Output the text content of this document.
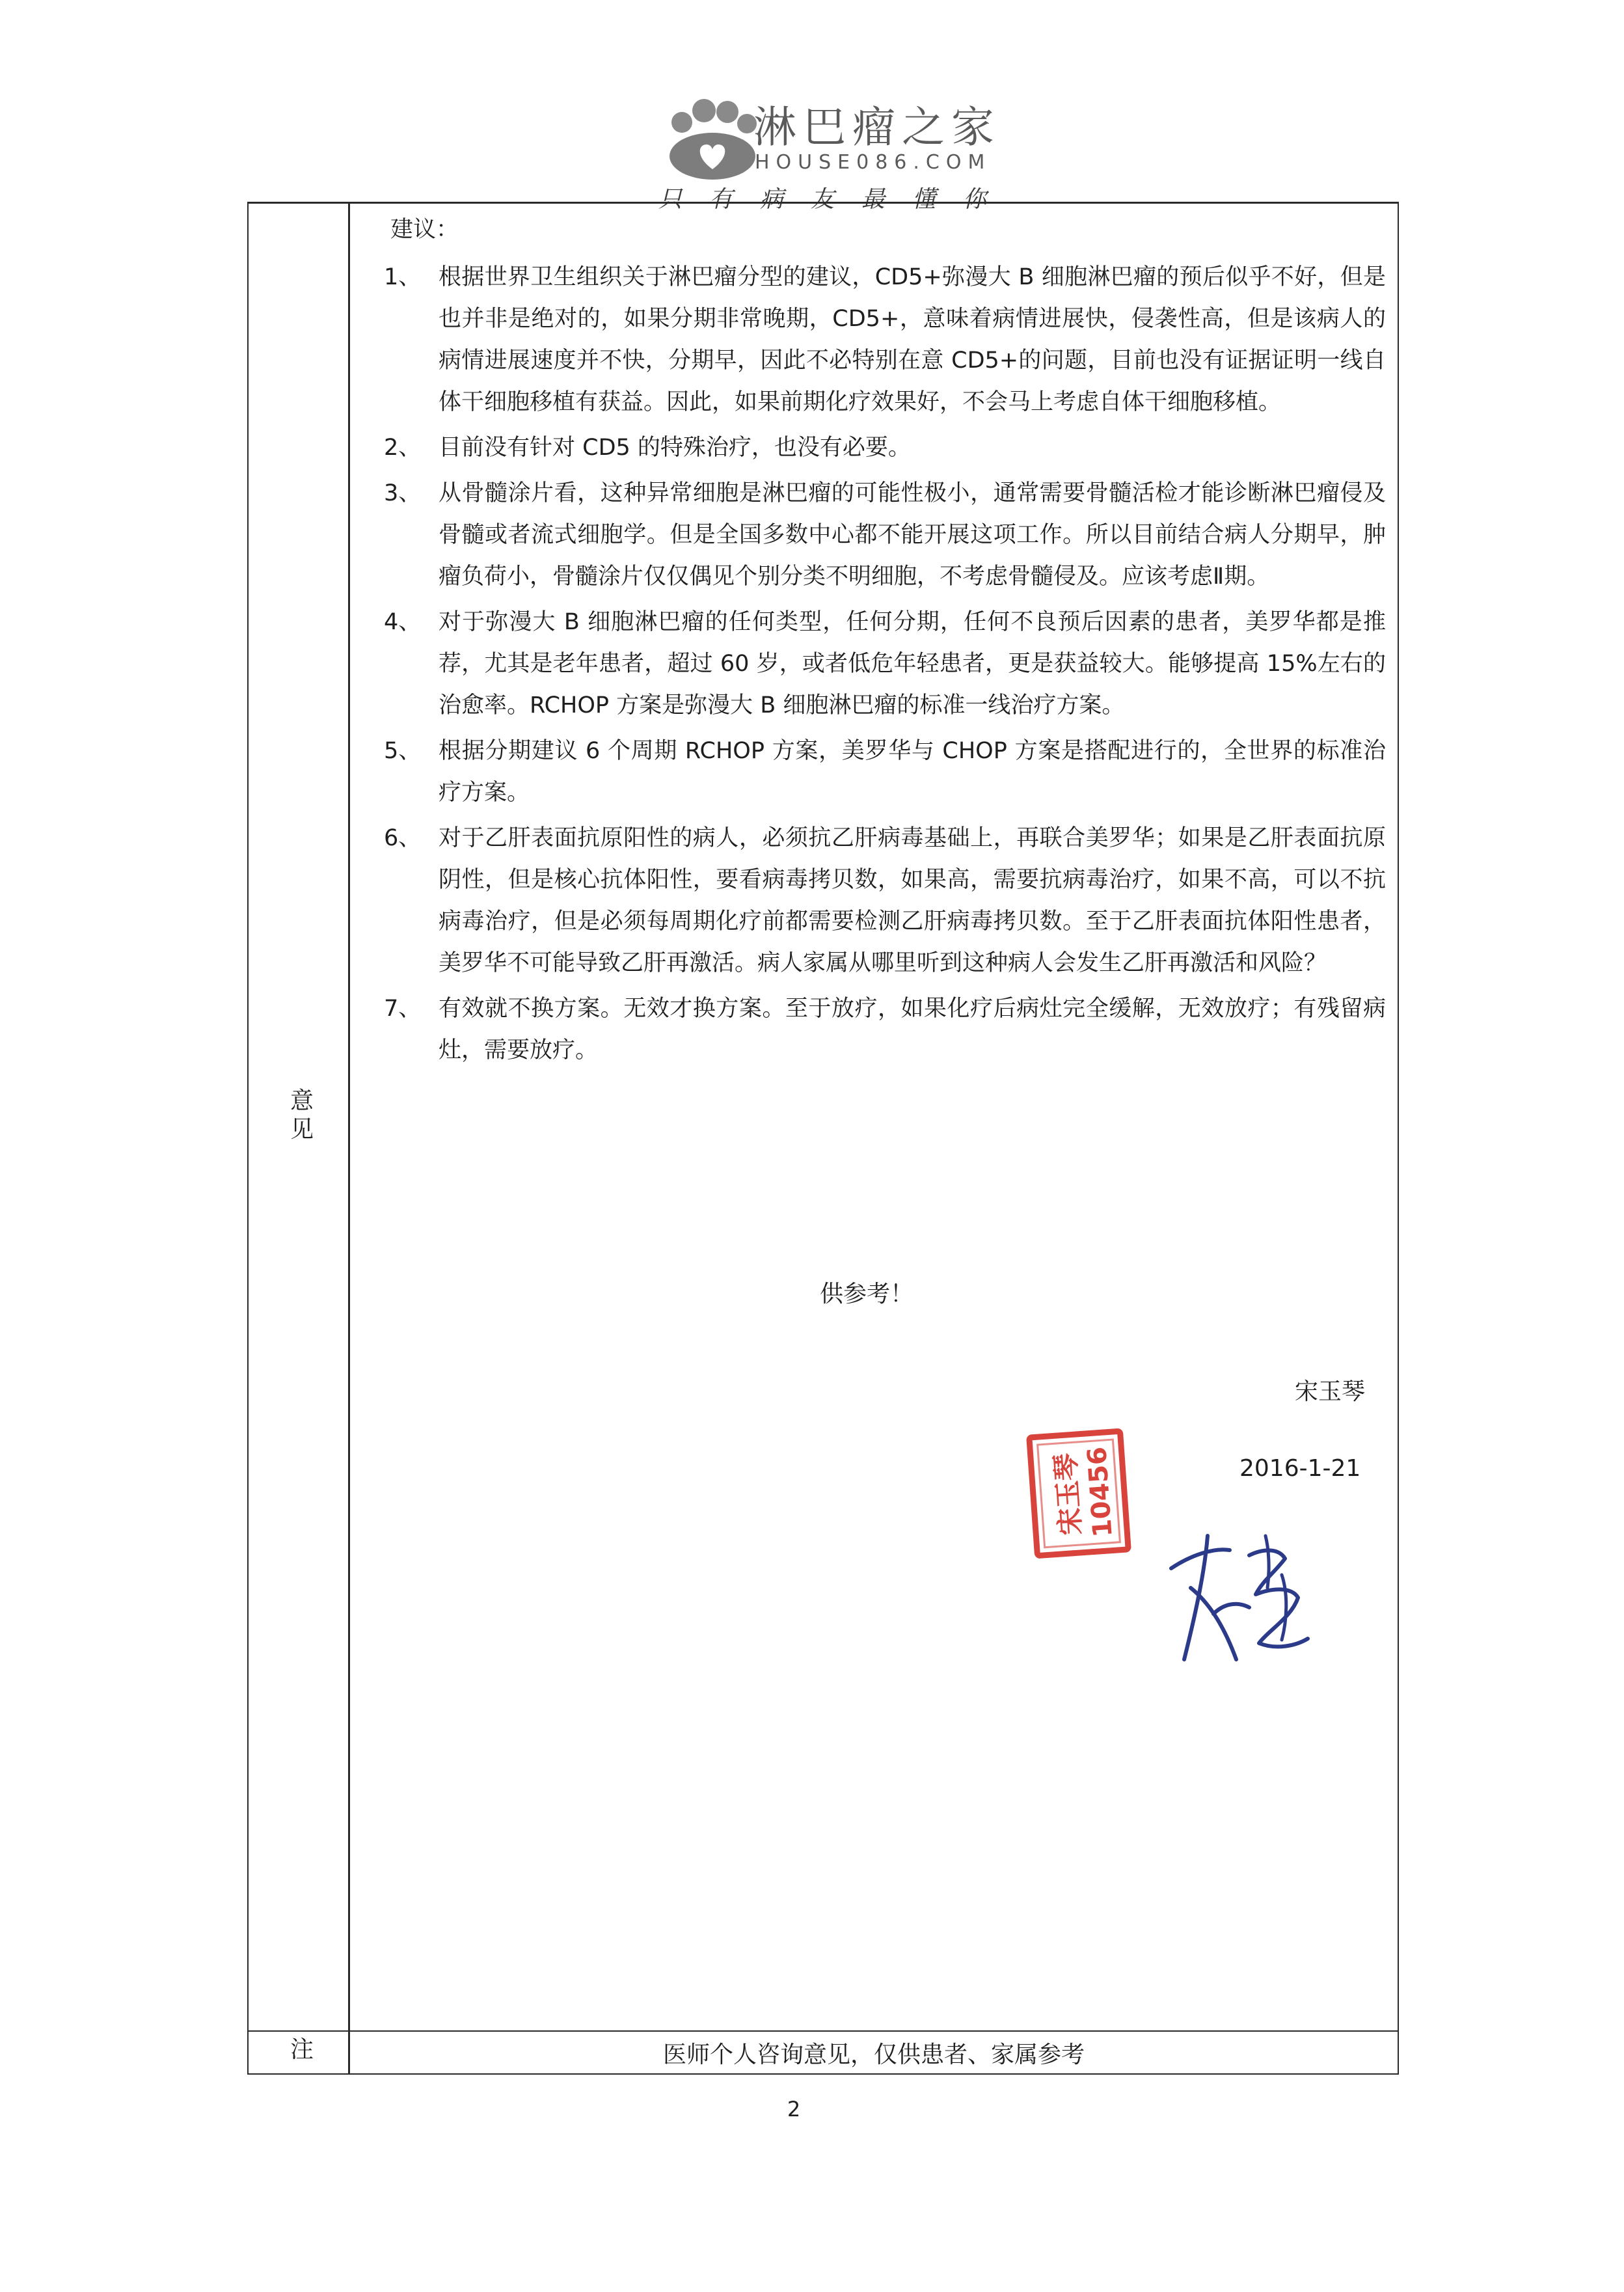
淋巴瘤之家
HOUSE086.COM
只有病友最懂你
意见
注	医师个人咨询意见，仅供患者、家属参考
建议：
1、 根据世界卫生组织关于淋巴瘤分型的建议，CD5+弥漫大 B 细胞淋巴瘤的预后似乎不好，但是也并非是绝对的，如果分期非常晚期，CD5+，意味着病情进展快，侵袭性高，但是该病人的病情进展速度并不快，分期早，因此不必特别在意 CD5+的问题，目前也没有证据证明一线自体干细胞移植有获益。因此，如果前期化疗效果好，不会马上考虑自体干细胞移植。
2、 目前没有针对 CD5 的特殊治疗，也没有必要。
3、 从骨髓涂片看，这种异常细胞是淋巴瘤的可能性极小，通常需要骨髓活检才能诊断淋巴瘤侵及骨髓或者流式细胞学。但是全国多数中心都不能开展这项工作。所以目前结合病人分期早，肿瘤负荷小，骨髓涂片仅仅偶见个别分类不明细胞，不考虑骨髓侵及。应该考虑Ⅱ期。
4、 对于弥漫大 B 细胞淋巴瘤的任何类型，任何分期，任何不良预后因素的患者，美罗华都是推荐，尤其是老年患者，超过 60 岁，或者低危年轻患者，更是获益较大。能够提高 15%左右的治愈率。RCHOP 方案是弥漫大 B 细胞淋巴瘤的标准一线治疗方案。
5、 根据分期建议 6 个周期 RCHOP 方案，美罗华与 CHOP 方案是搭配进行的，全世界的标准治疗方案。
6、 对于乙肝表面抗原阳性的病人，必须抗乙肝病毒基础上，再联合美罗华；如果是乙肝表面抗原阴性，但是核心抗体阳性，要看病毒拷贝数，如果高，需要抗病毒治疗，如果不高，可以不抗病毒治疗，但是必须每周期化疗前都需要检测乙肝病毒拷贝数。至于乙肝表面抗体阳性患者，美罗华不可能导致乙肝再激活。病人家属从哪里听到这种病人会发生乙肝再激活和风险？
7、 有效就不换方案。无效才换方案。至于放疗，如果化疗后病灶完全缓解，无效放疗；有残留病灶，需要放疗。
供参考！
宋玉琴
2016-1-21
宋玉琴
10456
2
